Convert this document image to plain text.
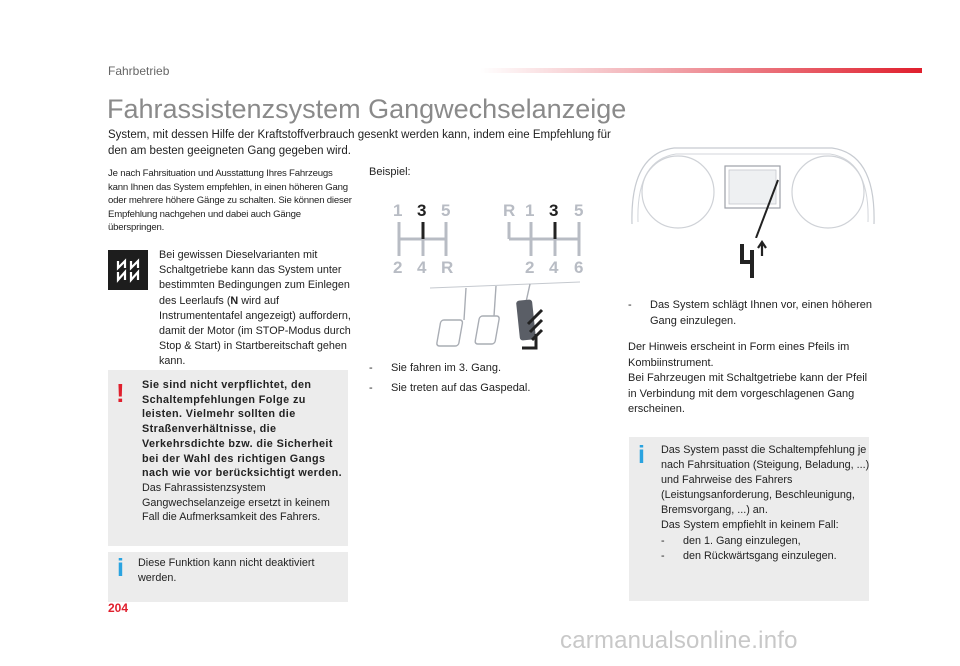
Fahrbetrieb
Fahrassistenzsystem Gangwechselanzeige
System, mit dessen Hilfe der Kraftstoffverbrauch gesenkt werden kann, indem eine Empfehlung für den am besten geeigneten Gang gegeben wird.
Je nach Fahrsituation und Ausstattung Ihres Fahrzeugs kann Ihnen das System empfehlen, in einen höheren Gang oder mehrere höhere Gänge zu schalten. Sie können dieser Empfehlung nachgehen und dabei auch Gänge überspringen.
Bei gewissen Dieselvarianten mit Schaltgetriebe kann das System unter bestimmten Bedingungen zum Einlegen des Leerlaufs (N wird auf Instrumententafel angezeigt) auffordern, damit der Motor (im STOP-Modus durch Stop & Start) in Startbereitschaft gehen kann.
! Sie sind nicht verpflichtet, den Schaltempfehlungen Folge zu leisten. Vielmehr sollten die Straßenverhältnisse, die Verkehrsdichte bzw. die Sicherheit bei der Wahl des richtigen Gangs nach wie vor berücksichtigt werden.
Das Fahrassistenzsystem Gangwechselanzeige ersetzt in keinem Fall die Aufmerksamkeit des Fahrers.
i Diese Funktion kann nicht deaktiviert werden.
Beispiel:
1 3 5
2 4 R
R 1 3 5
2 4 6
- Sie fahren im 3. Gang.
- Sie treten auf das Gaspedal.
-	Das System schlägt Ihnen vor, einen höheren Gang einzulegen.
Der Hinweis erscheint in Form eines Pfeils im Kombiinstrument.
Bei Fahrzeugen mit Schaltgetriebe kann der Pfeil in Verbindung mit dem vorgeschlagenen Gang erscheinen.
i Das System passt die Schaltempfehlung je nach Fahrsituation (Steigung, Beladung, ...) und Fahrweise des Fahrers (Leistungsanforderung, Beschleunigung, Bremsvorgang, ...) an.
Das System empfiehlt in keinem Fall:
-	den 1. Gang einzulegen,
-	den Rückwärtsgang einzulegen.
204
carmanualsonline.info
